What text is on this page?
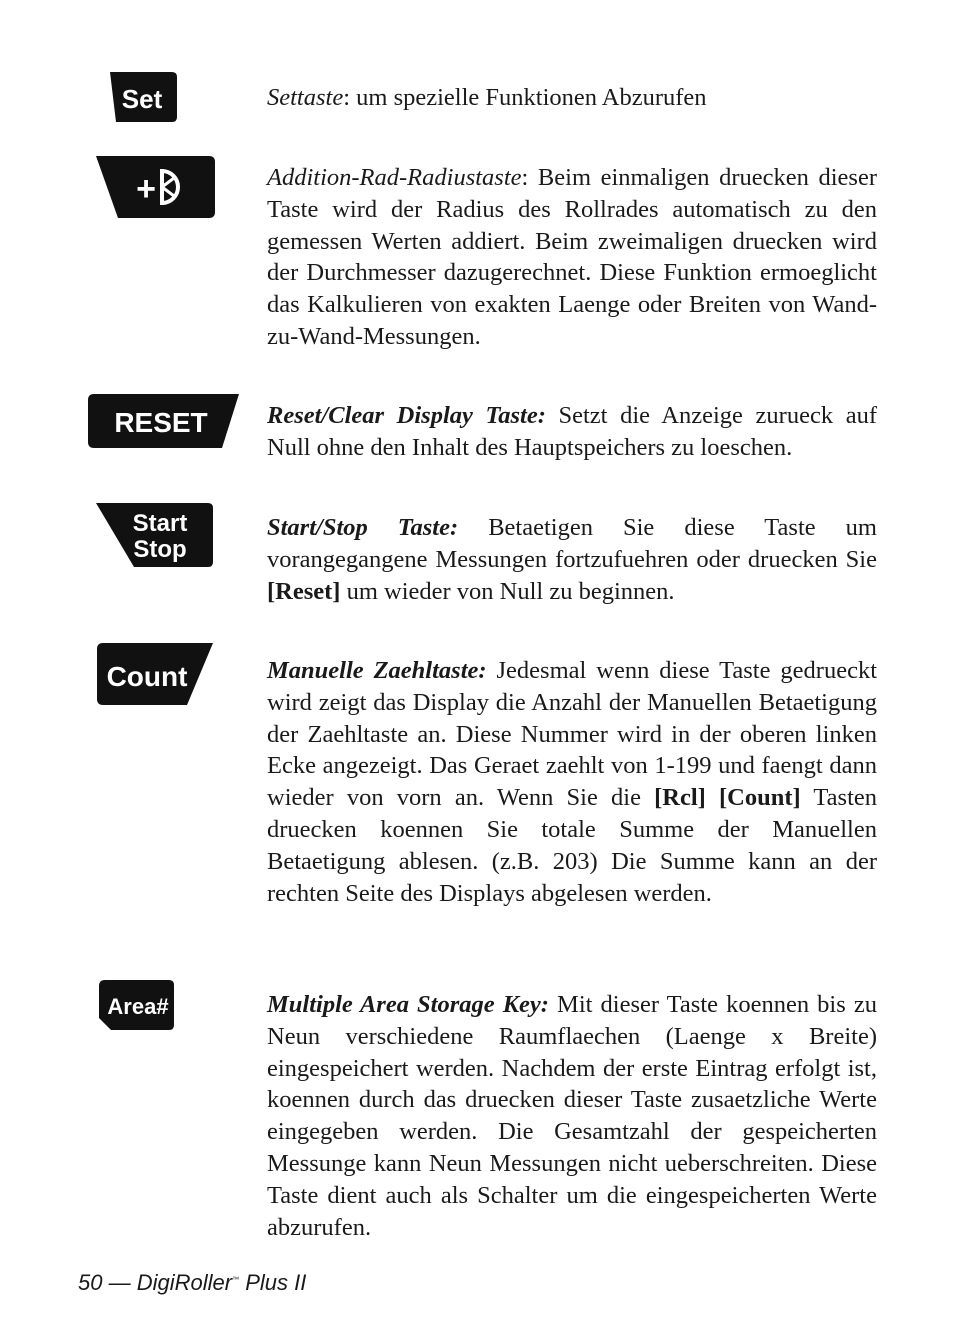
Set
+
RESET
Start
Stop
Count
Area#

Settaste: um spezielle Funktionen Abzurufen

Addition-Rad-Radiustaste: Beim einmaligen druecken dieser Taste wird der Radius des Rollrades automatisch zu den gemessen Werten addiert. Beim zweimaligen druecken wird der Durchmesser dazugerechnet. Diese Funktion ermoeglicht das Kalkulieren von exakten Laenge oder Breiten von Wand-zu-Wand-Messungen.

Reset/Clear Display Taste: Setzt die Anzeige zurueck auf Null ohne den Inhalt des Hauptspeichers zu loeschen.

Start/Stop Taste: Betaetigen Sie diese Taste um vorangegangene Messungen fortzufuehren oder druecken Sie [Reset] um wieder von Null zu beginnen.

Manuelle Zaehltaste: Jedesmal wenn diese Taste gedrueckt wird zeigt das Display die Anzahl der Manuellen Betaetigung der Zaehltaste an. Diese Nummer wird in der oberen linken Ecke angezeigt. Das Geraet zaehlt von 1-199 und faengt dann wieder von vorn an. Wenn Sie die [Rcl] [Count] Tasten druecken koennen Sie totale Summe der Manuellen Betaetigung ablesen. (z.B. 203) Die Summe kann an der rechten Seite des Displays abgelesen werden.

Multiple Area Storage Key: Mit dieser Taste koennen bis zu Neun verschiedene Raumflaechen (Laenge x Breite) eingespeichert werden. Nachdem der erste Eintrag erfolgt ist, koennen durch das druecken dieser Taste zusaetzliche Werte eingegeben werden. Die Gesamtzahl der gespeicherten Messunge kann Neun Messungen nicht ueberschreiten. Diese Taste dient auch als Schalter um die eingespeicherten Werte abzurufen.

50 — DigiRoller™ Plus II
